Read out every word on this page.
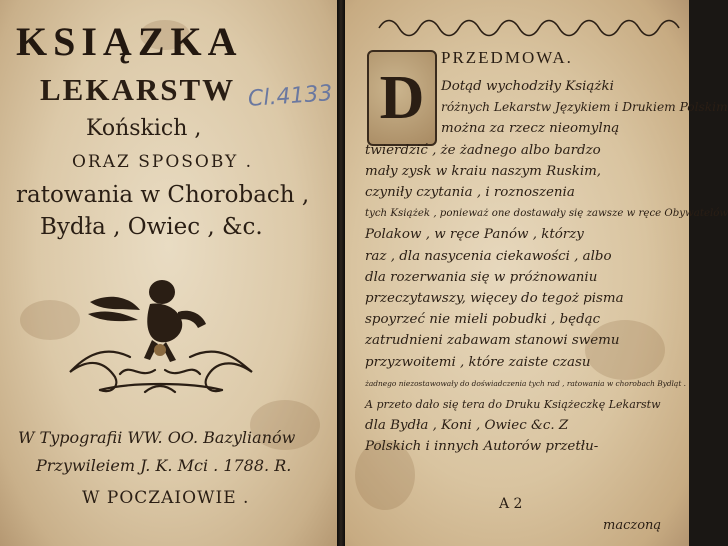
KSIĄZKA
LEKARSTW Cl.4133
Końskich ,
ORAZ SPOSOBY .
ratowania w Chorobach ,
Bydła , Owiec , &c.
W Typografii WW. OO. Bazylianów
Przywileiem J. K. Mci . 1788. R.
W POCZAIOWIE .
D
PRZEDMOWA.
Dotąd wychodziły Książki
różnych Lekarstw Językiem i Drukiem Polskim
można za rzecz nieomylną
twierdzić , że żadnego albo bardzo
mały zysk w kraiu naszym Ruskim,
czyniły czytania , i roznoszenia
tych Książek , ponieważ one dostawały się zawsze w ręce Obywatelów
Polakow , w ręce Panów , którzy
raz , dla nasycenia ciekawości , albo
dla rozerwania się w próżnowaniu
przeczytawszy, więcey do tegoż pisma
spoyrzeć nie mieli pobudki , będąc
zatrudnieni zabawam stanowi swemu
przyzwoitemi , które zaiste czasu
żadnego niezostawowały do doświadczenia tych rad , ratowania w chorobach Bydląt .
A przeto dało się tera do Druku Książeczkę Lekarstw
dla Bydła , Koni , Owiec &c. Z
Polskich i innych Autorów przetłu-
A 2
maczoną
